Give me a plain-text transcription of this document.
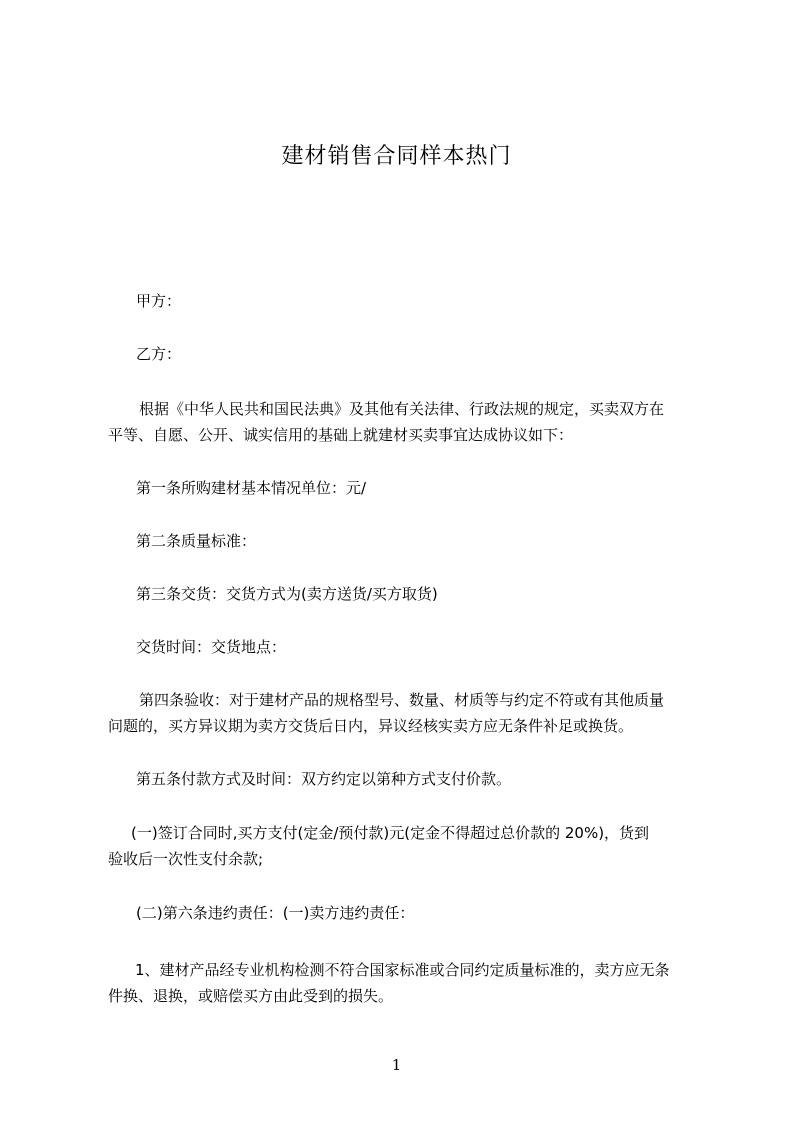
建材销售合同样本热门
甲方：
乙方：
根据《中华人民共和国民法典》及其他有关法律、行政法规的规定，买卖双方在
平等、自愿、公开、诚实信用的基础上就建材买卖事宜达成协议如下：
第一条所购建材基本情况单位：元/
第二条质量标准：
第三条交货：交货方式为(卖方送货/买方取货)
交货时间：交货地点：
第四条验收：对于建材产品的规格型号、数量、材质等与约定不符或有其他质量
问题的，买方异议期为卖方交货后日内，异议经核实卖方应无条件补足或换货。
第五条付款方式及时间：双方约定以第种方式支付价款。
(一)签订合同时,买方支付(定金/预付款)元(定金不得超过总价款的 20%)，货到
验收后一次性支付余款;
(二)第六条违约责任：(一)卖方违约责任：
1、建材产品经专业机构检测不符合国家标准或合同约定质量标准的，卖方应无条
件换、退换，或赔偿买方由此受到的损失。
1
